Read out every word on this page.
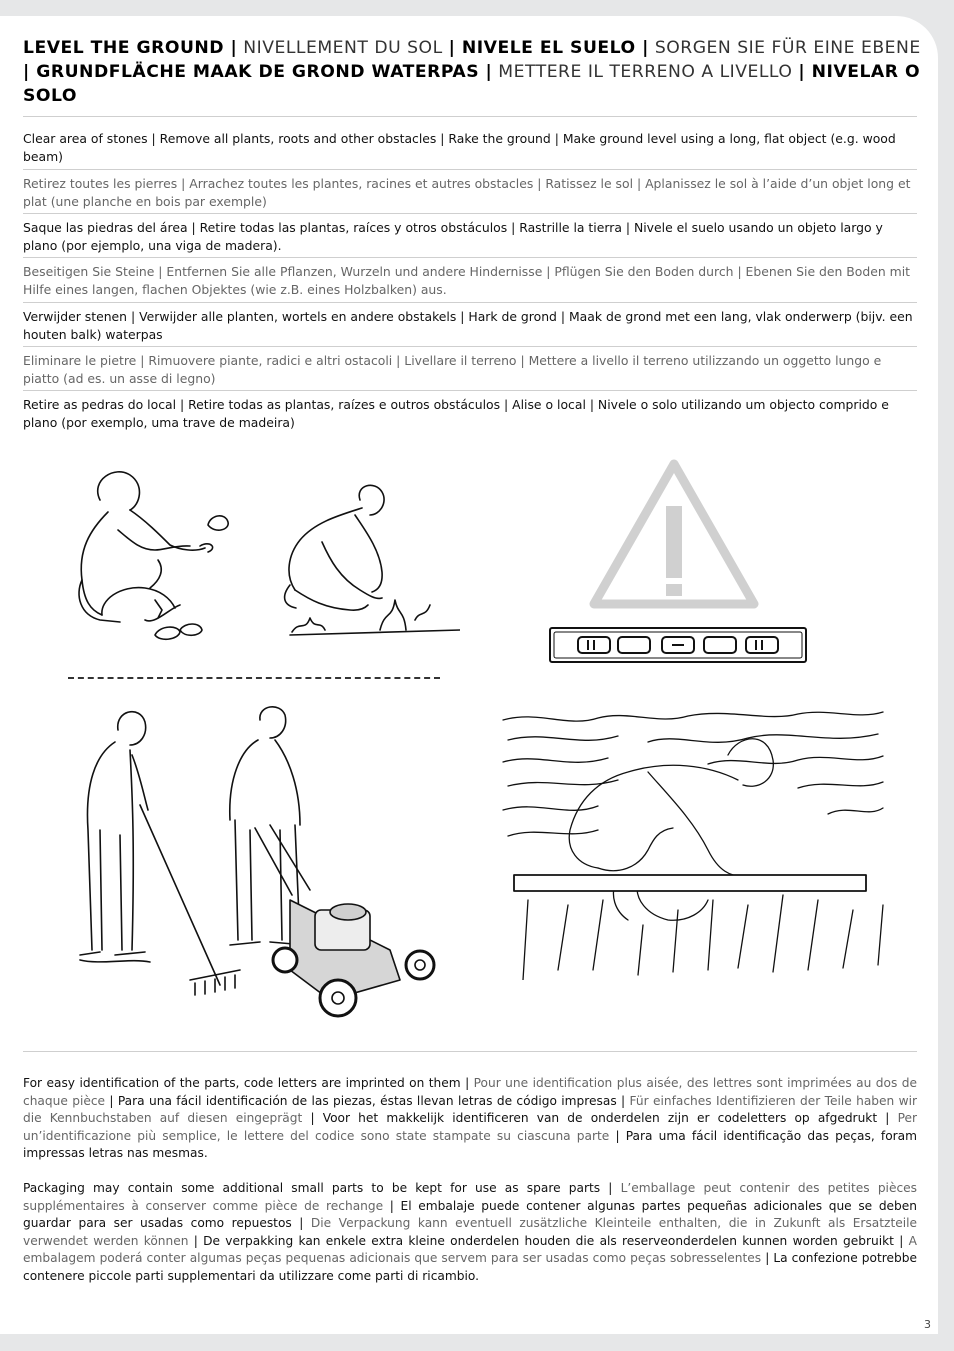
LEVEL THE GROUND | NIVELLEMENT DU SOL | NIVELE EL SUELO | SORGEN SIE FÜR EINE EBENE | GRUNDFLÄCHE MAAK DE GROND WATERPAS | METTERE IL TERRENO A LIVELLO | NIVELAR O SOLO
Clear area of stones | Remove all plants, roots and other obstacles | Rake the ground | Make ground level using a long, flat object (e.g. wood beam)
Retirez toutes les pierres | Arrachez toutes les plantes, racines et autres obstacles | Ratissez le sol | Aplanissez le sol à l’aide d’un objet long et plat (une planche en bois par exemple)
Saque las piedras del área | Retire todas las plantas, raíces y otros obstáculos | Rastrille la tierra | Nivele el suelo usando un objeto largo y plano (por ejemplo, una viga de madera).
Beseitigen Sie Steine | Entfernen Sie alle Pflanzen, Wurzeln und andere Hindernisse | Pflügen Sie den Boden durch | Ebenen Sie den Boden mit Hilfe eines langen, flachen Objektes (wie z.B. eines Holzbalken) aus.
Verwijder stenen | Verwijder alle planten, wortels en andere obstakels | Hark de grond | Maak de grond met een lang, vlak onderwerp (bijv. een houten balk) waterpas
Eliminare le pietre | Rimuovere piante, radici e altri ostacoli | Livellare il terreno | Mettere a livello il terreno utilizzando un oggetto lungo e piatto (ad es. un asse di legno)
Retire as pedras do local | Retire todas as plantas, raízes e outros obstáculos | Alise o local | Nivele o solo utilizando um objecto comprido e plano (por exemplo, uma trave de madeira)
For easy identification of the parts, code letters are imprinted on them | Pour une identification plus aisée, des lettres sont imprimées au dos de chaque pièce | Para una fácil identificación de las piezas, éstas llevan letras de código impresas | Für einfaches Identifizieren der Teile haben wir die Kennbuchstaben auf diesen eingeprägt | Voor het makkelijk identificeren van de onderdelen zijn er codeletters op afgedrukt | Per un’identificazione più semplice, le lettere del codice sono state stampate su ciascuna parte | Para uma fácil identificação das peças, foram impressas letras nas mesmas.
Packaging may contain some additional small parts to be kept for use as spare parts | L’emballage peut contenir des petites pièces supplémentaires à conserver comme pièce de rechange | El embalaje puede contener algunas partes pequeñas adicionales que se deben guardar para ser usadas como repuestos | Die Verpackung kann eventuell zusätzliche Kleinteile enthalten, die in Zukunft als Ersatzteile verwendet werden können | De verpakking kan enkele extra kleine onderdelen houden die als reserveonderdelen kunnen worden gebruikt | A embalagem poderá conter algumas peças pequenas adicionais que servem para ser usadas como peças sobresselentes | La confezione potrebbe contenere piccole parti supplementari da utilizzare come parti di ricambio.
3
